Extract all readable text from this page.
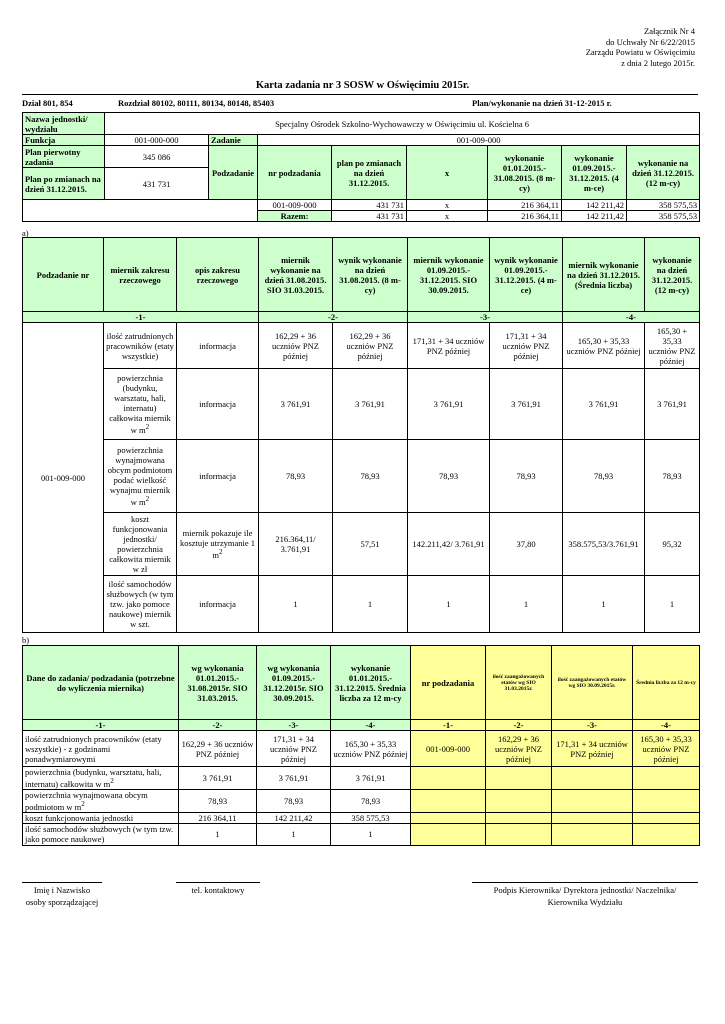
Załącznik Nr 4
do Uchwały Nr 6/22/2015
Zarządu Powiatu w Oświęcimiu
z dnia 2 lutego 2015r.
Karta zadania nr 3 SOSW w Oświęcimiu 2015r.
Dział 801, 854	Rozdział 80102, 80111, 80134, 80148, 85403	Plan/wykonanie na dzień 31-12-2015 r.
Nazwa jednostki/ wydziału	Specjalny Ośrodek Szkolno-Wychowawczy w Oświęcimiu ul. Kościelna 6							
Funkcja	001-000-000	Zadanie	001-009-000					
Plan pierwotny zadania	345 086	Podzadanie	nr podzadania	plan po zmianach na dzień 31.12.2015.	x	wykonanie 01.01.2015.- 31.08.2015. (8 m-cy)	wykonanie 01.09.2015.- 31.12.2015. (4 m-ce)	wykonanie na dzień 31.12.2015. (12 m-cy)
Plan po zmianach na dzień 31.12.2015.	431 731							
			001-009-000	431 731	x	216 364,11	142 211,42	358 575,53
			Razem:	431 731	x	216 364,11	142 211,42	358 575,53
a)
Podzadanie nr	miernik zakresu rzeczowego	opis zakresu rzeczowego	miernik wykonanie na dzień 31.08.2015. SIO 31.03.2015.	wynik wykonanie na dzień 31.08.2015. (8 m-cy)	miernik wykonanie 01.09.2015.- 31.12.2015. SIO 30.09.2015.	wynik wykonanie 01.09.2015.- 31.12.2015. (4 m-ce)	miernik wykonanie na dzień 31.12.2015. (Średnia liczba)	wykonanie na dzień 31.12.2015. (12 m-cy)
-1-			-2-		-3-		-4-	
001-009-000	ilość zatrudnionych pracowników (etaty wszystkie)	informacja	162,29 + 36 uczniów PNZ później	162,29 + 36 uczniów PNZ później	171,31 + 34 uczniów PNZ później	171,31 + 34 uczniów PNZ później	165,30 + 35,33 uczniów PNZ później	165,30 + 35,33 uczniów PNZ później
	powierzchnia (budynku, warsztatu, hali, internatu) całkowita miernik w $m^2$	informacja	3 761,91	3 761,91	3 761,91	3 761,91	3 761,91	3 761,91
	powierzchnia wynajmowana obcym podmiotom podać wielkość wynajmu miernik w $m^2$	informacja	78,93	78,93	78,93	78,93	78,93	78,93
	koszt funkcjonowania jednostki/ powierzchnia całkowita miernik w zł	miernik pokazuje ile kosztuje utrzymanie 1 $m^2$	216.364,11/ 3.761,91	57,51	142.211,42/ 3.761,91	37,80	358.575,53/3.761,91	95,32
	ilość samochodów służbowych (w tym tzw. jako pomoce naukowe) miernik w szt.	informacja	1	1	1	1	1	1
b)
Dane do zadania/ podzadania (potrzebne do wyliczenia miernika)	wg wykonania 01.01.2015.- 31.08.2015r. SIO 31.03.2015.	wg wykonania 01.09.2015.- 31.12.2015r. SIO 30.09.2015.	wykonanie 01.01.2015.- 31.12.2015. Średnia liczba za 12 m-cy	nr podzadania	ilość zaangażowanych etatów wg SIO 31.03.2015r.	ilość zaangażowanych etatów wg SIO 30.09.2015r.	Średnia liczba za 12 m-cy
-1-	-2-	-3-	-4-	-1-	-2-	-3-	-4-
ilość zatrudnionych pracowników (etaty wszystkie) - z godzinami ponadwymiarowymi	162,29 + 36 uczniów PNZ później	171,31 + 34 uczniów PNZ później	165,30 + 35,33 uczniów PNZ później	001-009-000	162,29 + 36 uczniów PNZ później	171,31 + 34 uczniów PNZ później	165,30 + 35,33 uczniów PNZ później
powierzchnia (budynku, warsztatu, hali, internatu) całkowita w $m^2$	3 761,91	3 761,91	3 761,91				
powierzchnia wynajmowana obcym podmiotom w $m^2$	78,93	78,93	78,93				
koszt funkcjonowania jednostki	216 364,11	142 211,42	358 575,53				
ilość samochodów służbowych (w tym tzw. jako pomoce naukowe)	1	1	1				
Imię i Nazwisko
osoby sporządzającej
tel. kontaktowy	Podpis Kierownika/ Dyrektora jednostki/ Naczelnika/
Kierownika Wydziału
